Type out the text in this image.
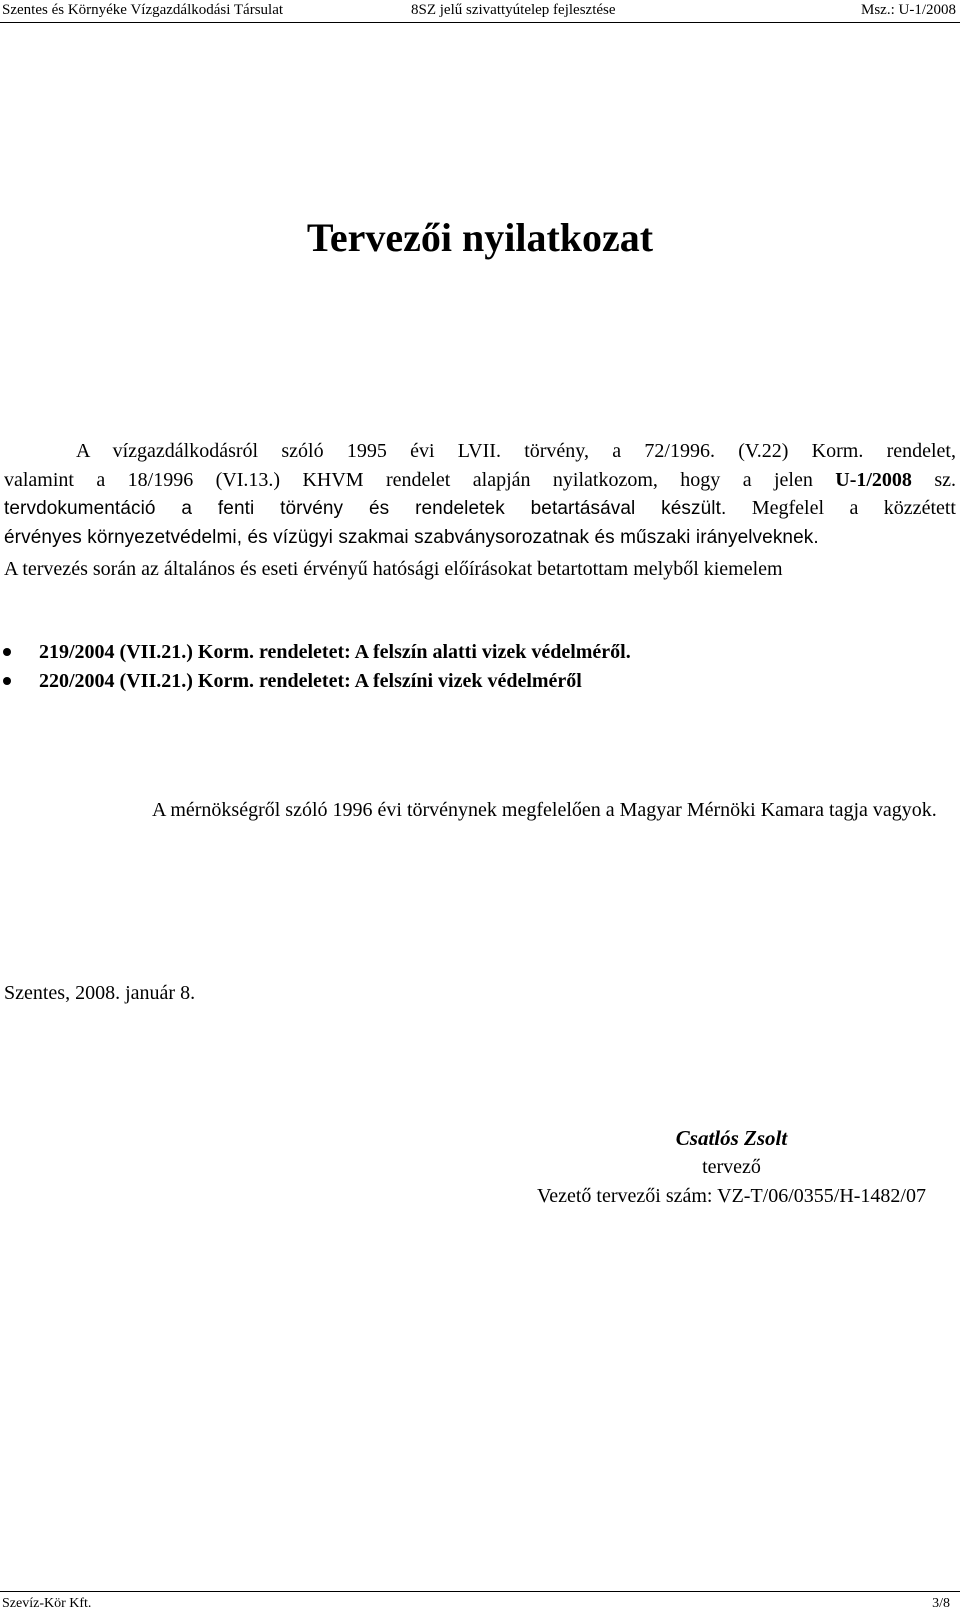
Szentes és Környéke Vízgazdálkodási Társulat	8SZ jelű szivattyútelep fejlesztése	Msz.: U-1/2008
Tervezői nyilatkozat
A vízgazdálkodásról szóló 1995 évi LVII. törvény, a 72/1996. (V.22) Korm. rendelet,
valamint a 18/1996 (VI.13.) KHVM rendelet alapján nyilatkozom, hogy a jelen U-1/2008 sz.
tervdokumentáció a fenti törvény és rendeletek betartásával készült. Megfelel a közzétett
érvényes környezetvédelmi, és vízügyi szakmai szabványsorozatnak és műszaki irányelveknek.

A tervezés során az általános és eseti érvényű hatósági előírásokat betartottam melyből kiemelem

219/2004 (VII.21.) Korm. rendeletet: A felszín alatti vizek védelméről.
220/2004 (VII.21.) Korm. rendeletet: A felszíni vizek védelméről

A mérnökségről szóló 1996 évi törvénynek megfelelően a Magyar Mérnöki Kamara tagja vagyok.

Szentes, 2008. január 8.

Csatlós Zsolt
tervező
Vezető tervezői szám: VZ-T/06/0355/H-1482/07
Szevíz-Kör Kft.	3/8
